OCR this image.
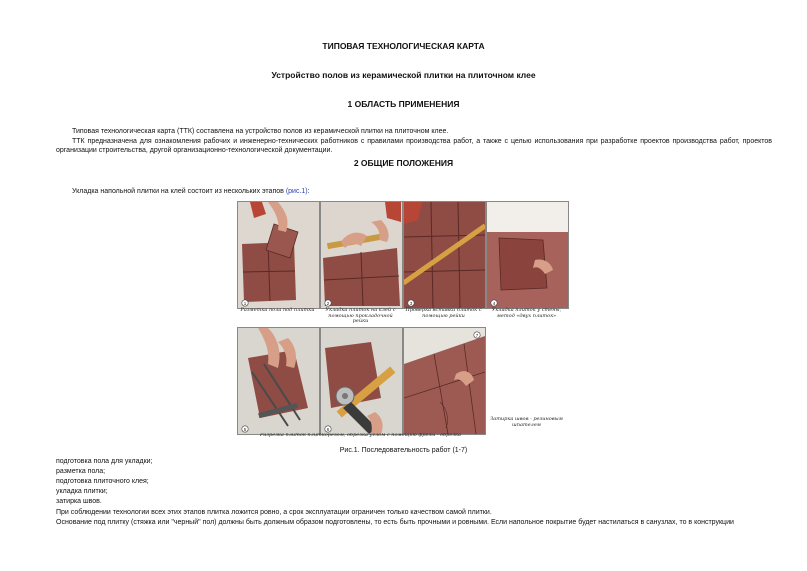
ТИПОВАЯ ТЕХНОЛОГИЧЕСКАЯ КАРТА
Устройство полов из керамической плитки на плиточном клее
1 ОБЛАСТЬ ПРИМЕНЕНИЯ
Типовая технологическая карта (ТТК) составлена на устройство полов из керамической плитки на плиточном клее.
ТТК предназначена для ознакомления рабочих и инженерно-технических работников с правилами производства работ, а также с целью использования при разработке проектов производства работ, проектов организации строительства, другой организационно-технологической документации.
2 ОБЩИЕ ПОЛОЖЕНИЯ
Укладка напольной плитки на клей состоит из нескольких этапов (рис.1):
1	2	3	4
Разметка пола под плитки	Укладка плиток на клей с помощью прокладочной рейки
Проверка вставки плиток с помощью рейки
Укладка плиток у стены, метод «двух плиток»
5	6
7
Разрезка плиток плиткорезом, обрезка углом с помощью фрезы - обрезка
Затирка швов - резиновым шпателем
Рис.1. Последовательность работ (1-7)
подготовка пола для укладки;
разметка пола;
подготовка плиточного клея;
укладка плитки;
затирка швов.
При соблюдении технологии всех этих этапов плитка ложится ровно, а срок эксплуатации ограничен только качеством самой плитки.
Основание под плитку (стяжка или "черный" пол) должны быть должным образом подготовлены, то есть быть прочными и ровными. Если напольное покрытие будет настилаться в санузлах, то в конструкции
